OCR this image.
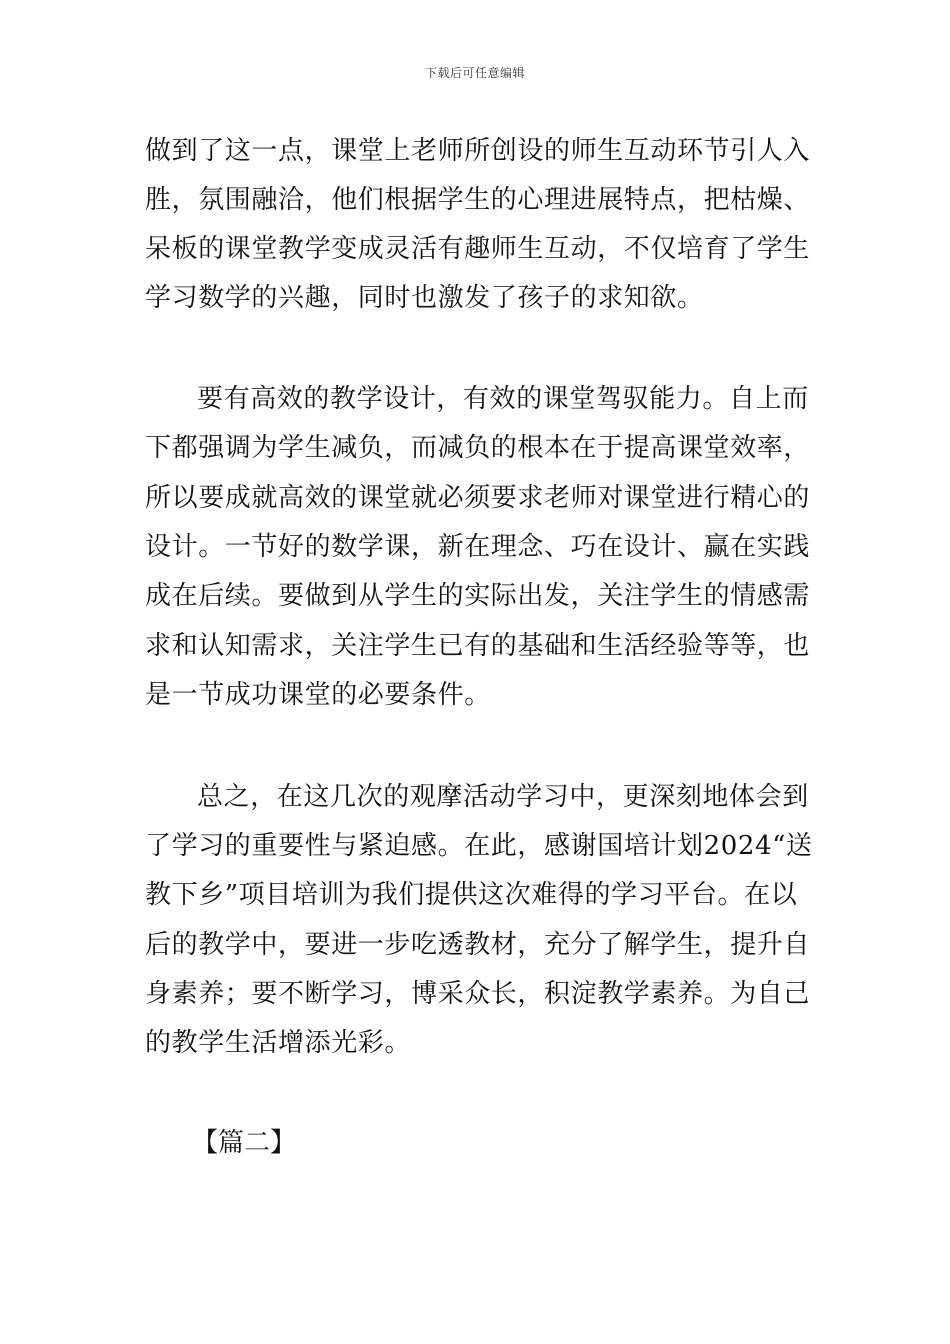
下载后可任意编辑
做到了这一点，课堂上老师所创设的师生互动环节引人入
胜，氛围融洽，他们根据学生的心理进展特点，把枯燥、
呆板的课堂教学变成灵活有趣师生互动，不仅培育了学生
学习数学的兴趣，同时也激发了孩子的求知欲。
要有高效的教学设计，有效的课堂驾驭能力。自上而
下都强调为学生减负，而减负的根本在于提高课堂效率，
所以要成就高效的课堂就必须要求老师对课堂进行精心的
设计。一节好的数学课，新在理念、巧在设计、赢在实践
成在后续。要做到从学生的实际出发，关注学生的情感需
求和认知需求，关注学生已有的基础和生活经验等等，也
是一节成功课堂的必要条件。
总之，在这几次的观摩活动学习中，更深刻地体会到
了学习的重要性与紧迫感。在此，感谢国培计划2024“送
教下乡”项目培训为我们提供这次难得的学习平台。在以
后的教学中，要进一步吃透教材，充分了解学生，提升自
身素养；要不断学习，博采众长，积淀教学素养。为自己
的教学生活增添光彩。
【篇二】
